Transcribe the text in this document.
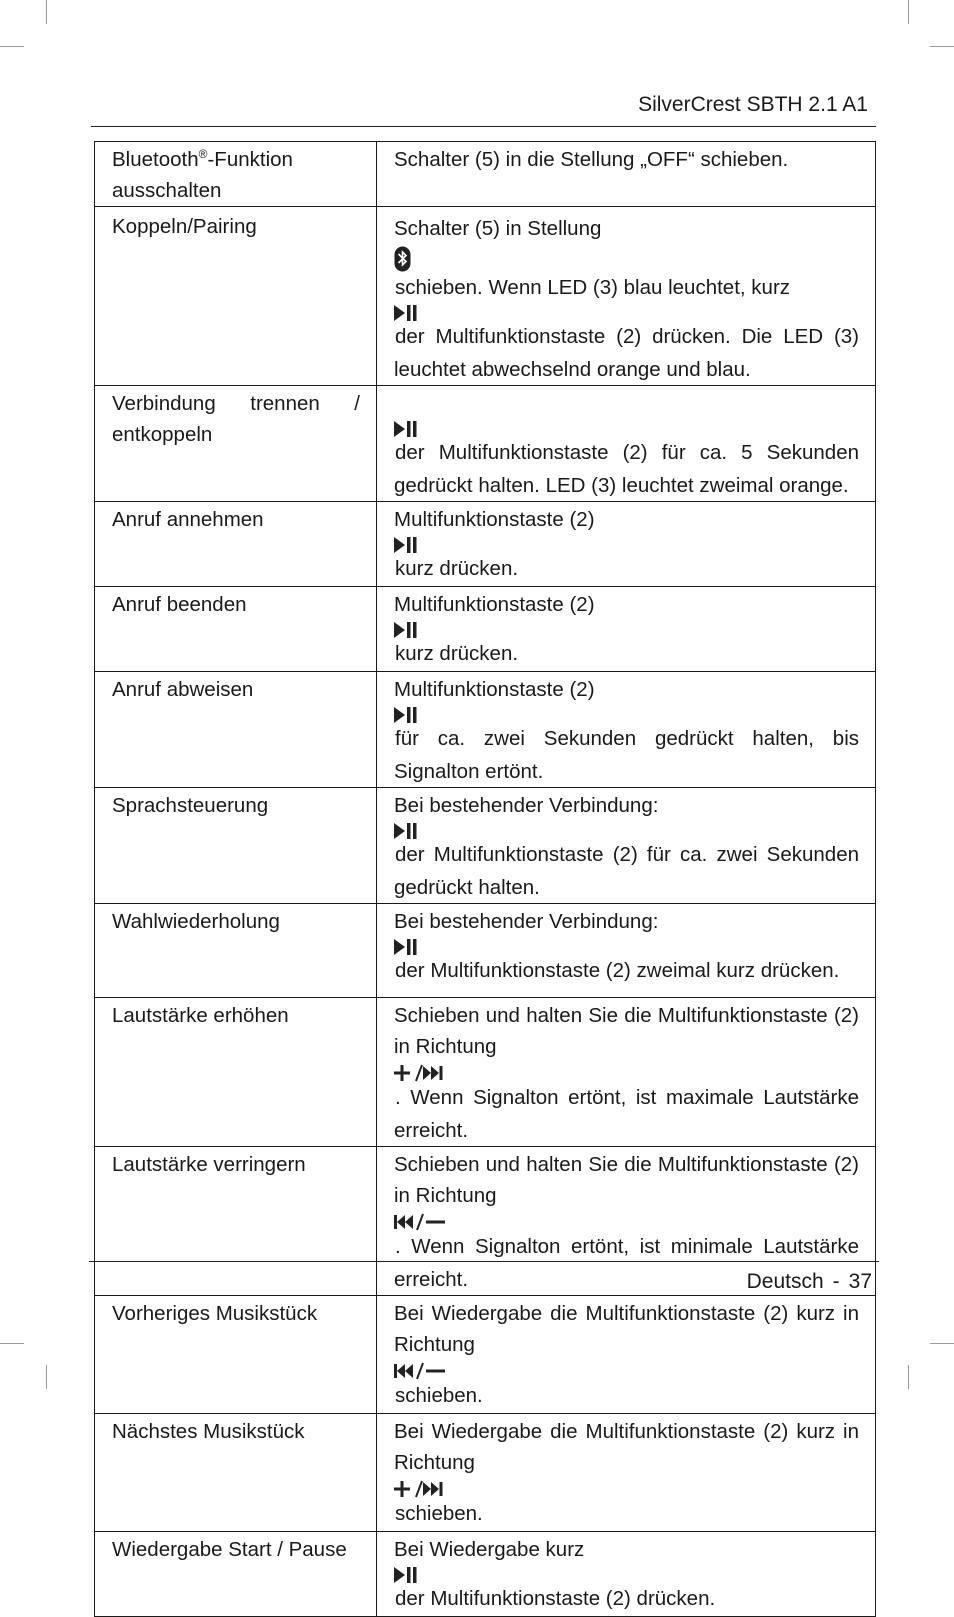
SilverCrest SBTH 2.1 A1
Bluetooth®-Funktion ausschalten	Schalter (5) in die Stellung „OFF“ schieben.
Koppeln/Pairing	Schalter (5) in Stellung
schieben. Wenn LED (3) blau leuchtet, kurz
der Multifunktionstaste (2) drücken. Die LED (3) leuchtet abwechselnd orange und blau.
Verbindung trennen / entkoppeln	der Multifunktionstaste (2) für ca. 5 Sekunden gedrückt halten. LED (3) leuchtet zweimal orange.
Anruf annehmen	Multifunktionstaste (2)
kurz drücken.
Anruf beenden	Multifunktionstaste (2)
kurz drücken.
Anruf abweisen	Multifunktionstaste (2)
für ca. zwei Sekunden gedrückt halten, bis Signalton ertönt.
Sprachsteuerung	Bei bestehender Verbindung:
der Multifunktionstaste (2) für ca. zwei Sekunden gedrückt halten.
Wahlwiederholung	Bei bestehender Verbindung:
der Multifunktionstaste (2) zweimal kurz drücken.
Lautstärke erhöhen	Schieben und halten Sie die Multifunktionstaste (2) in Richtung
. Wenn Signalton ertönt, ist maximale Lautstärke erreicht.
Lautstärke verringern	Schieben und halten Sie die Multifunktionstaste (2) in Richtung
. Wenn Signalton ertönt, ist minimale Lautstärke erreicht.
Vorheriges Musikstück	Bei Wiedergabe die Multifunktionstaste (2) kurz in Richtung
schieben.
Nächstes Musikstück	Bei Wiedergabe die Multifunktionstaste (2) kurz in Richtung
schieben.
Wiedergabe Start / Pause	Bei Wiedergabe kurz
der Multifunktionstaste (2) drücken.
Deutsch - 37
